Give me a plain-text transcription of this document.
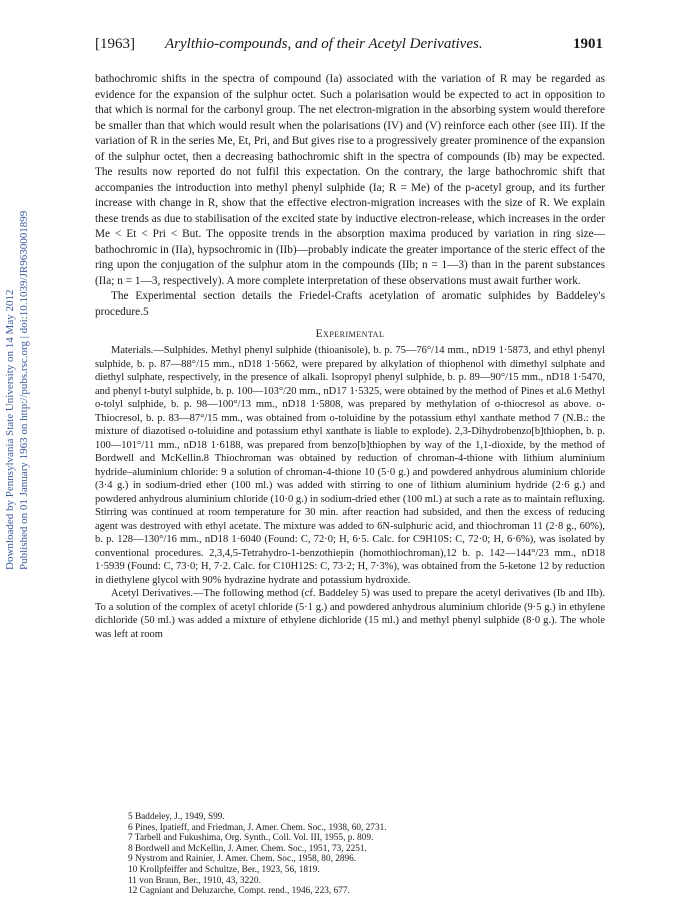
[1963] Arylthio-compounds, and of their Acetyl Derivatives.	1901
Downloaded by Pennsylvania State University on 14 May 2012 Published on 01 January 1963 on http://pubs.rsc.org | doi:10.1039/JR9630001899

bathochromic shifts in the spectra of compound (Ia) associated with the variation of R may be regarded as evidence for the expansion of the sulphur octet. Such a polarisation would be expected to act in opposition to that which is normal for the carbonyl group. The net electron-migration in the absorbing system would therefore be smaller than that which would result when the polarisations (IV) and (V) reinforce each other (see III). If the variation of R in the series Me, Et, Pri, and But gives rise to a progressively greater prominence of the expansion of the sulphur octet, then a decreasing bathochromic shift in the spectra of compounds (Ib) may be expected. The results now reported do not fulfil this expectation. On the contrary, the large bathochromic shift that accompanies the introduction into methyl phenyl sulphide (Ia; R = Me) of the p-acetyl group, and its further increase with change in R, show that the effective electron-migration increases with the size of R. We explain these trends as due to stabilisation of the excited state by inductive electron-release, which increases in the order Me < Et < Pri < But. The opposite trends in the absorption maxima produced by variation in ring size—bathochromic in (IIa), hypsochromic in (IIb)—probably indicate the greater importance of the steric effect of the ring upon the conjugation of the sulphur atom in the compounds (IIb; n = 1—3) than in the parent substances (IIa; n = 1—3, respectively). A more complete interpretation of these observations must await further work.

The Experimental section details the Friedel-Crafts acetylation of aromatic sulphides by Baddeley's procedure.5

Experimental

Materials.—Sulphides. Methyl phenyl sulphide (thioanisole), b. p. 75—76°/14 mm., nD19 1·5873, and ethyl phenyl sulphide, b. p. 87—88°/15 mm., nD18 1·5662, were prepared by alkylation of thiophenol with dimethyl sulphate and diethyl sulphate, respectively, in the presence of alkali. Isopropyl phenyl sulphide, b. p. 89—90°/15 mm., nD18 1·5470, and phenyl t-butyl sulphide, b. p. 100—103°/20 mm., nD17 1·5325, were obtained by the method of Pines et al.6 Methyl o-tolyl sulphide, b. p. 98—100°/13 mm., nD18 1·5808, was prepared by methylation of o-thiocresol as above. o-Thiocresol, b. p. 83—87°/15 mm., was obtained from o-toluidine by the potassium ethyl xanthate method 7 (N.B.: the mixture of diazotised o-toluidine and potassium ethyl xanthate is liable to explode). 2,3-Dihydrobenzo[b]thiophen, b. p. 100—101°/11 mm., nD18 1·6188, was prepared from benzo[b]thiophen by way of the 1,1-dioxide, by the method of Bordwell and McKellin.8 Thiochroman was obtained by reduction of chroman-4-thione with lithium aluminium hydride–aluminium chloride: 9 a solution of chroman-4-thione 10 (5·0 g.) and powdered anhydrous aluminium chloride (3·4 g.) in sodium-dried ether (100 ml.) was added with stirring to one of lithium aluminium hydride (2·6 g.) and powdered anhydrous aluminium chloride (10·0 g.) in sodium-dried ether (100 ml.) at such a rate as to maintain refluxing. Stirring was continued at room temperature for 30 min. after reaction had subsided, and then the excess of reducing agent was destroyed with ethyl acetate. The mixture was added to 6N-sulphuric acid, and thiochroman 11 (2·8 g., 60%), b. p. 128—130°/16 mm., nD18 1·6040 (Found: C, 72·0; H, 6·5. Calc. for C9H10S: C, 72·0; H, 6·6%), was isolated by conventional procedures. 2,3,4,5-Tetrahydro-1-benzothiepin (homothiochroman),12 b. p. 142—144°/23 mm., nD18 1·5939 (Found: C, 73·0; H, 7·2. Calc. for C10H12S: C, 73·2; H, 7·3%), was obtained from the 5-ketone 12 by reduction in diethylene glycol with 90% hydrazine hydrate and potassium hydroxide.

Acetyl Derivatives.—The following method (cf. Baddeley 5) was used to prepare the acetyl derivatives (Ib and IIb). To a solution of the complex of acetyl chloride (5·1 g.) and powdered anhydrous aluminium chloride (9·5 g.) in ethylene dichloride (50 ml.) was added a mixture of ethylene dichloride (15 ml.) and methyl phenyl sulphide (8·0 g.). The whole was left at room

5 Baddeley, J., 1949, S99.
6 Pines, Ipatieff, and Friedman, J. Amer. Chem. Soc., 1938, 60, 2731.
7 Tarbell and Fukushima, Org. Synth., Coll. Vol. III, 1955, p. 809.
8 Bordwell and McKellin, J. Amer. Chem. Soc., 1951, 73, 2251.
9 Nystrom and Rainier, J. Amer. Chem. Soc., 1958, 80, 2896.
10 Krollpfeiffer and Schultze, Ber., 1923, 56, 1819.
11 von Braun, Ber., 1910, 43, 3220.
12 Cagniant and Deluzarche, Compt. rend., 1946, 223, 677.
